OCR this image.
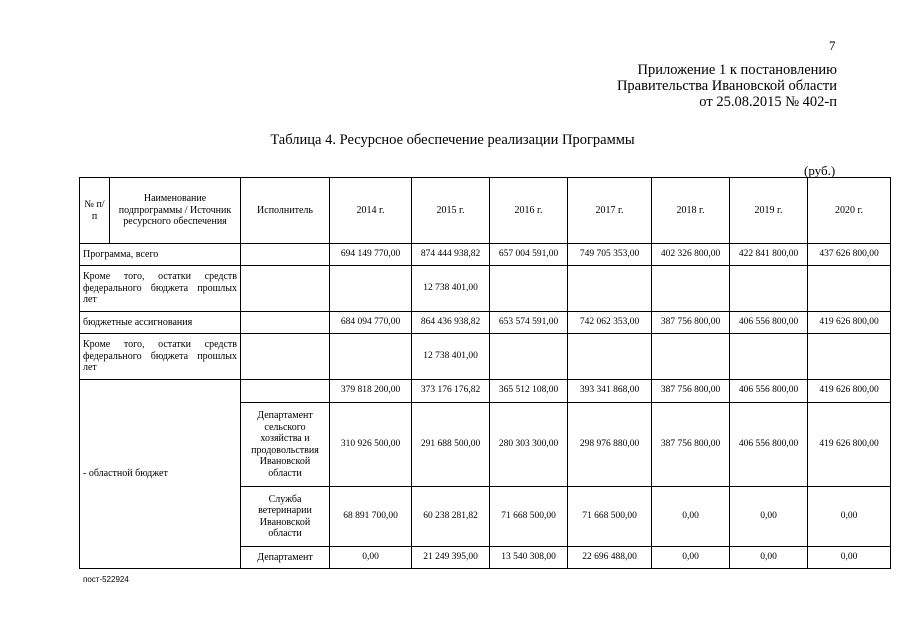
7
Приложение 1 к постановлению
Правительства Ивановской области
от 25.08.2015 № 402-п
Таблица 4. Ресурсное обеспечение реализации Программы
(руб.)
№ п/п	Наименование подпрограммы / Источник ресурсного обеспечения	Исполнитель	2014 г.	2015 г.	2016 г.	2017 г.	2018 г.	2019 г.	2020 г.
Программа, всего			694 149 770,00	874 444 938,82	657 004 591,00	749 705 353,00	402 326 800,00	422 841 800,00	437 626 800,00
Кроме того, остатки средств федерального бюджета прошлых лет				12 738 401,00					
бюджетные ассигнования			684 094 770,00	864 436 938,82	653 574 591,00	742 062 353,00	387 756 800,00	406 556 800,00	419 626 800,00
Кроме того, остатки средств федерального бюджета прошлых лет				12 738 401,00					
- областной бюджет			379 818 200,00	373 176 176,82	365 512 108,00	393 341 868,00	387 756 800,00	406 556 800,00	419 626 800,00
		Департамент сельского хозяйства и продовольствия Ивановской области	310 926 500,00	291 688 500,00	280 303 300,00	298 976 880,00	387 756 800,00	406 556 800,00	419 626 800,00
		Служба ветеринарии Ивановской области	68 891 700,00	60 238 281,82	71 668 500,00	71 668 500,00	0,00	0,00	0,00
		Департамент	0,00	21 249 395,00	13 540 308,00	22 696 488,00	0,00	0,00	0,00
пост-522924
